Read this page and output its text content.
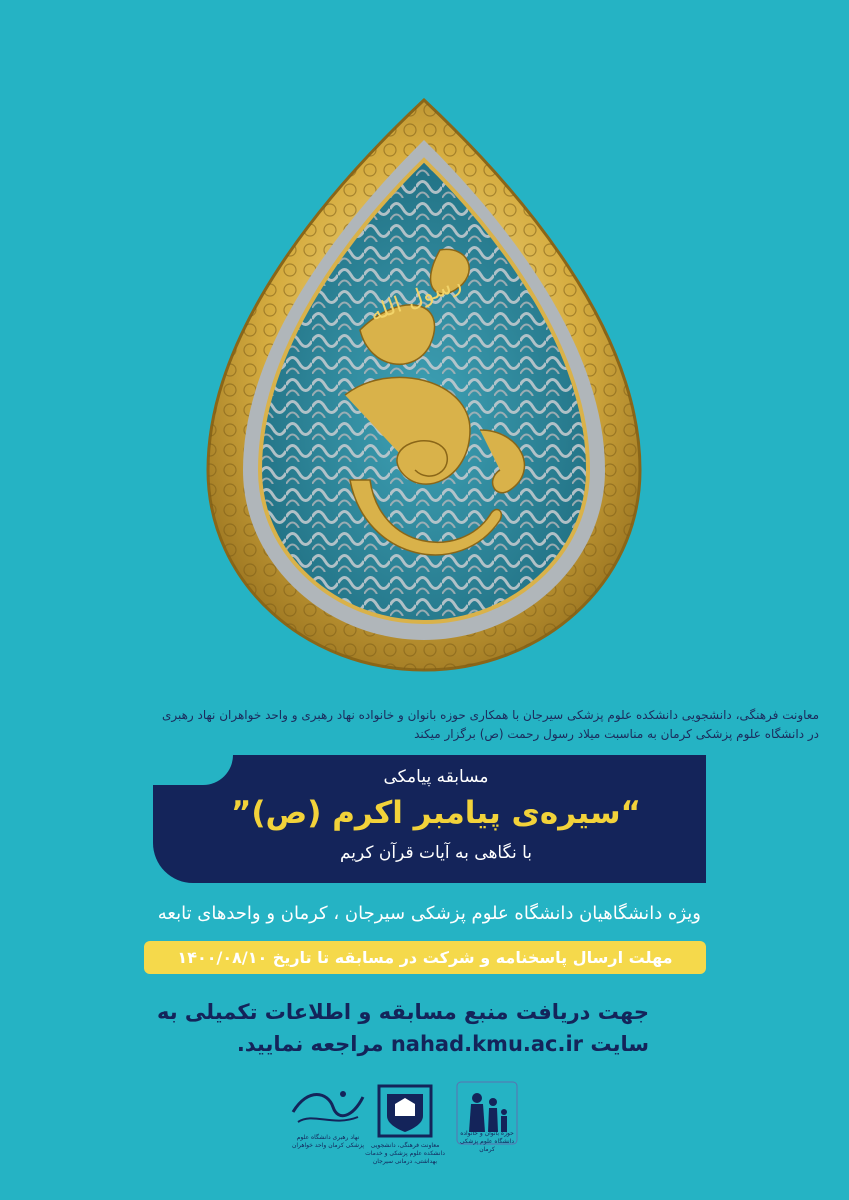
رسول الله
معاونت فرهنگی، دانشجویی دانشکده علوم پزشکی سیرجان با همکاری حوزه بانوان و خانواده نهاد رهبری و واحد خواهران نهاد رهبری
در دانشگاه علوم پزشکی کرمان به مناسبت میلاد رسول رحمت (ص) برگزار میکند
مسابقه پیامکی
“سیره‌ی پیامبر اکرم (ص)”
با نگاهی به آیات قرآن کریم
ویژه دانشگاهیان دانشگاه علوم پزشکی سیرجان ، کرمان و واحدهای تابعه
مهلت ارسال پاسخنامه و شرکت در مسابقه تا تاریخ ۱۴۰۰/۰۸/۱۰
جهت دریافت منبع مسابقه و اطلاعات تکمیلی به
سایت nahad.kmu.ac.ir مراجعه نمایید.
نهاد رهبری دانشگاه علوم پزشکی کرمان واحد خواهران	معاونت فرهنگی، دانشجویی دانشکده علوم پزشکی و خدمات بهداشتی، درمانی سیرجان
حوزه بانوان و خانواده دانشگاه علوم پزشکی کرمان
